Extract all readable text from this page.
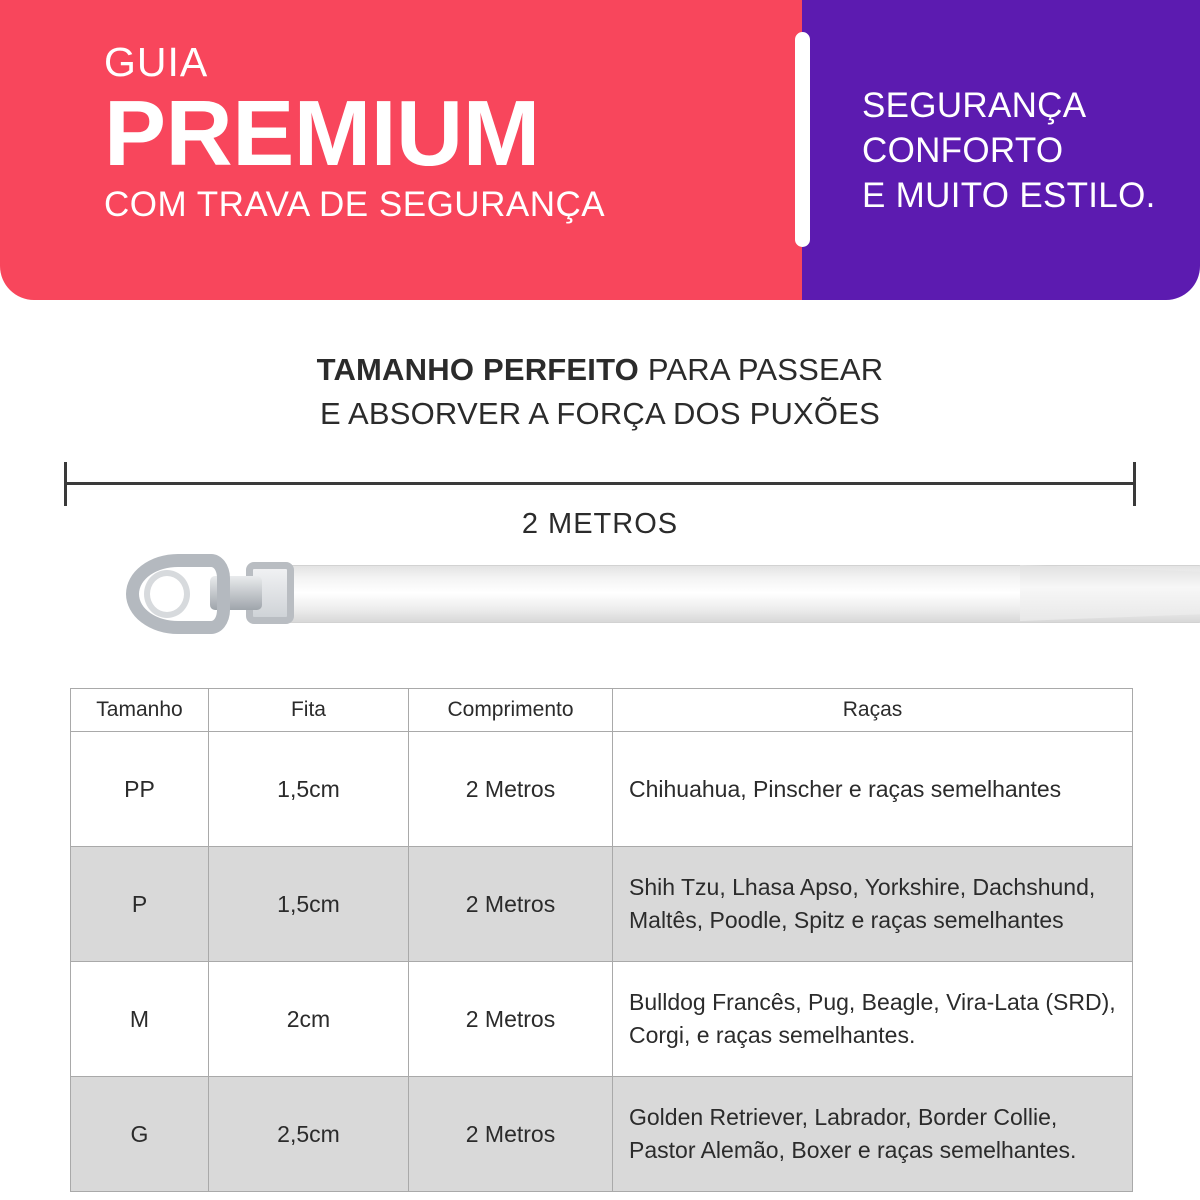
GUIA
PREMIUM
COM TRAVA DE SEGURANÇA
SEGURANÇA
CONFORTO
E MUITO ESTILO.
TAMANHO PERFEITO PARA PASSEAR
E ABSORVER A FORÇA DOS PUXÕES
2 METROS
Tamanho	Fita	Comprimento	Raças
PP	1,5cm	2 Metros	Chihuahua, Pinscher e raças semelhantes
P	1,5cm	2 Metros	Shih Tzu, Lhasa Apso, Yorkshire, Dachshund, Maltês, Poodle, Spitz e raças semelhantes
M	2cm	2 Metros	Bulldog Francês, Pug, Beagle, Vira-Lata (SRD), Corgi, e raças semelhantes.
G	2,5cm	2 Metros	Golden Retriever, Labrador, Border Collie, Pastor Alemão, Boxer e raças semelhantes.
